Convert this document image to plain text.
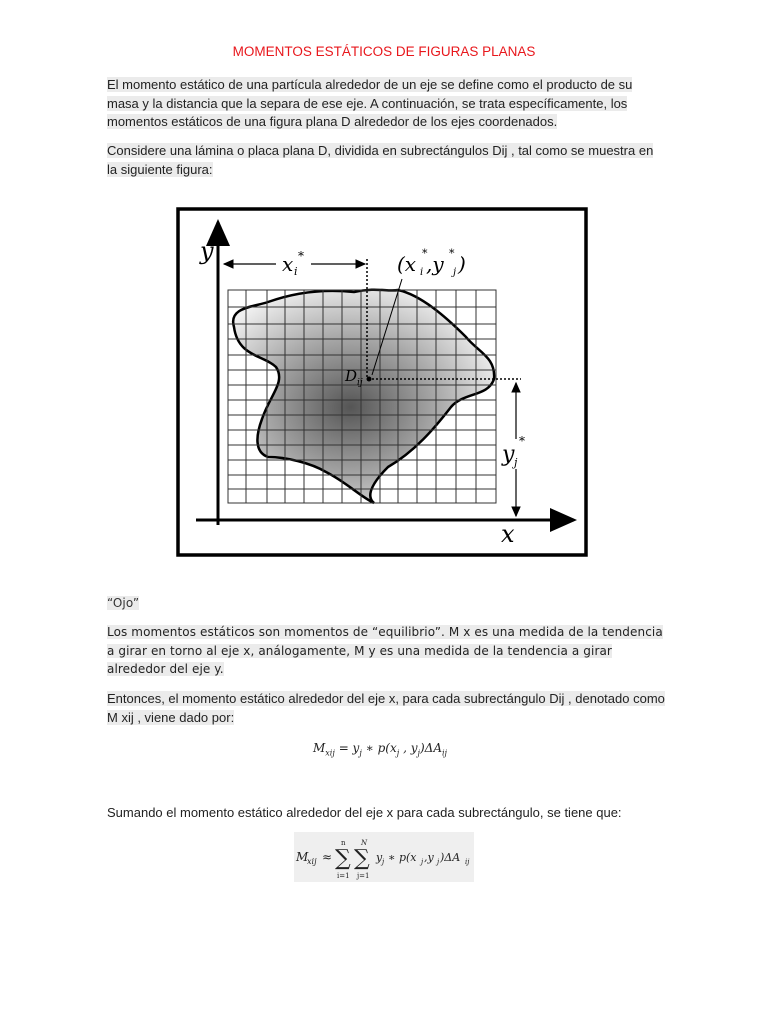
MOMENTOS ESTÁTICOS DE FIGURAS PLANAS
El momento estático de una partícula alrededor de un eje se define como el producto de su masa y la distancia que la separa de ese eje. A continuación, se trata específicamente, los momentos estáticos de una figura plana D alrededor de los ejes coordenados.
Considere una lámina o placa plana D, dividida en subrectángulos Dij , tal como se muestra en la siguiente figura:
y
x
x i
*
y j
*
(x i
*
,y j
* )
D ij
“Ojo”
Los momentos estáticos son momentos de “equilibrio”. M x es una medida de la tendencia a girar en torno al eje x, análogamente, M y es una medida de la tendencia a girar alrededor del eje y.
Entonces, el momento estático alrededor del eje x, para cada subrectángulo Dij , denotado como M xij , viene dado por:
$M_{xij} = y_j$ ∗ $p(x_j$ , $y_j)\Delta A_{ij}$
Sumando el momento estático alrededor del eje x para cada subrectángulo, se tiene que:
M
xij ≈
n
∑
i=1
N
∑
j=1
y j ∗ p(x j ,y j )ΔA ij
